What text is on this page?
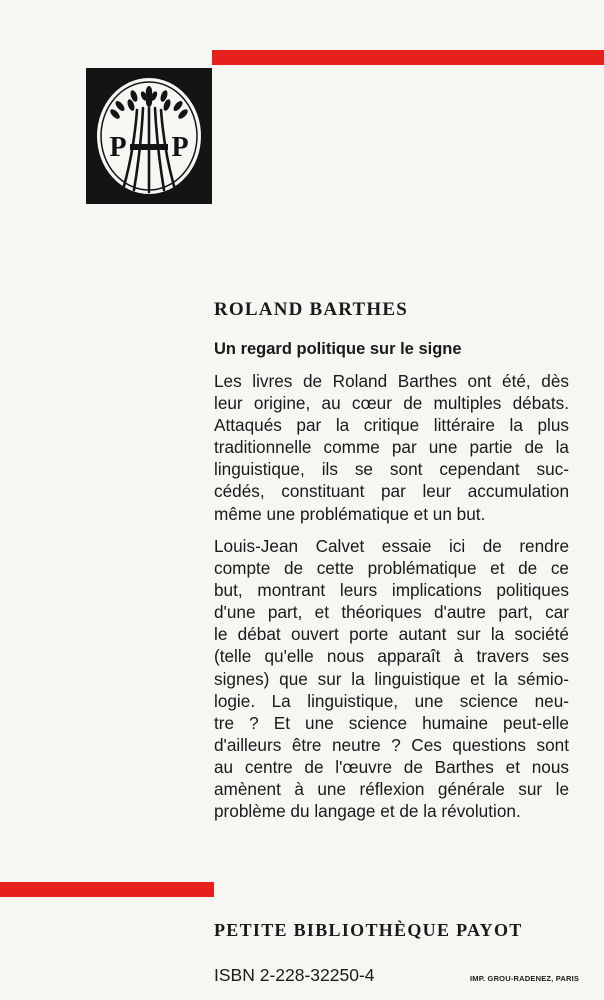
P P
ROLAND BARTHES
Un regard politique sur le signe
Les livres de Roland Barthes ont été, dès
leur origine, au cœur de multiples débats.
Attaqués par la critique littéraire la plus
traditionnelle comme par une partie de la
linguistique, ils se sont cependant suc-
cédés, constituant par leur accumulation
même une problématique et un but.
Louis-Jean Calvet essaie ici de rendre
compte de cette problématique et de ce
but, montrant leurs implications politiques
d'une part, et théoriques d'autre part, car
le débat ouvert porte autant sur la société
(telle qu'elle nous apparaît à travers ses
signes) que sur la linguistique et la sémio-
logie. La linguistique, une science neu-
tre ? Et une science humaine peut-elle
d'ailleurs être neutre ? Ces questions sont
au centre de l'œuvre de Barthes et nous
amènent à une réflexion générale sur le
problème du langage et de la révolution.

PETITE BIBLIOTHÈQUE PAYOT

ISBN 2-228-32250-4	IMP. GROU-RADENEZ, PARIS
